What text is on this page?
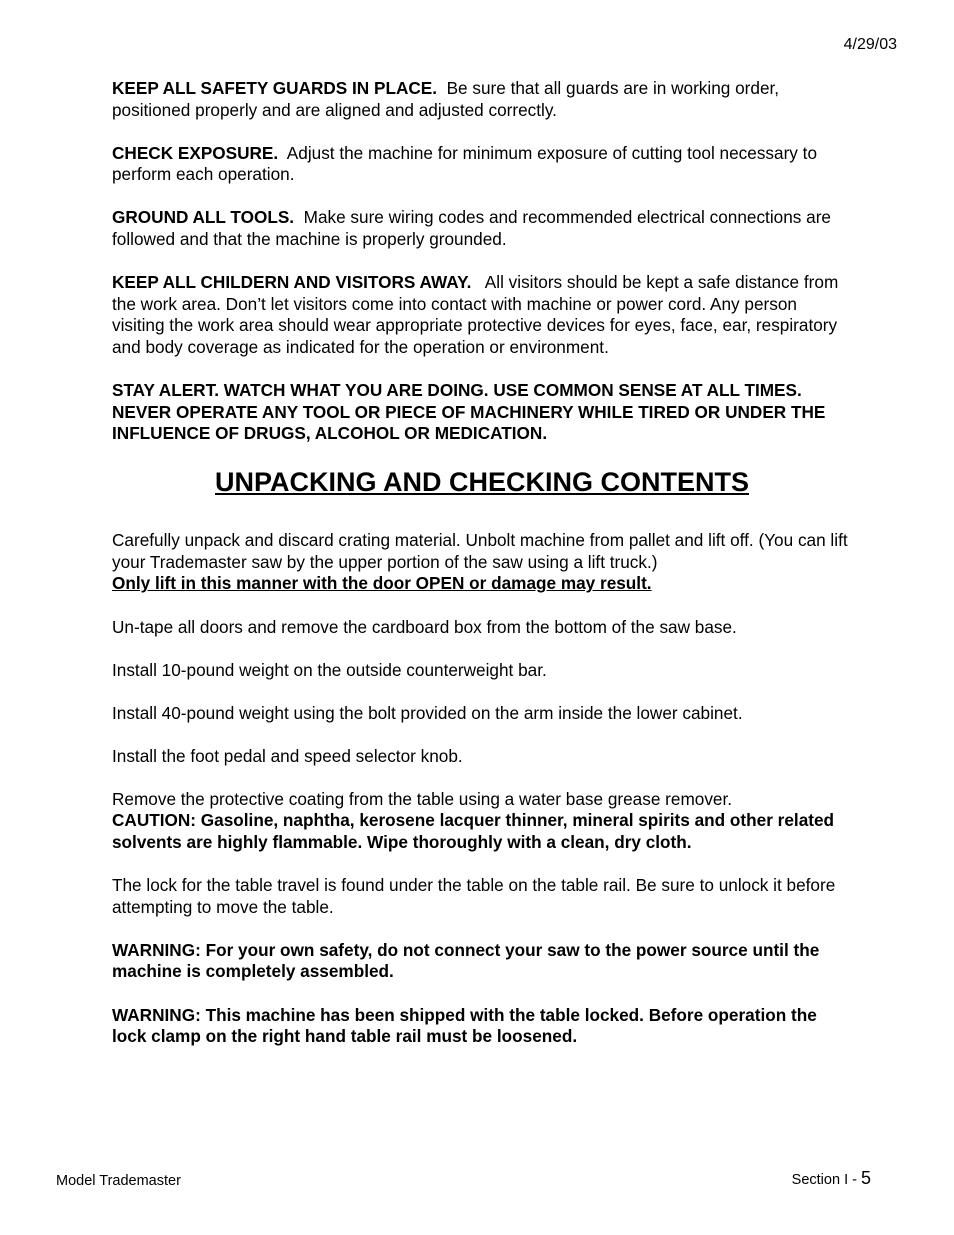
4/29/03

KEEP ALL SAFETY GUARDS IN PLACE. Be sure that all guards are in working order, positioned properly and are aligned and adjusted correctly.

CHECK EXPOSURE. Adjust the machine for minimum exposure of cutting tool necessary to perform each operation.

GROUND ALL TOOLS. Make sure wiring codes and recommended electrical connections are followed and that the machine is properly grounded.

KEEP ALL CHILDERN AND VISITORS AWAY. All visitors should be kept a safe distance from the work area. Don’t let visitors come into contact with machine or power cord. Any person visiting the work area should wear appropriate protective devices for eyes, face, ear, respiratory and body coverage as indicated for the operation or environment.

STAY ALERT. WATCH WHAT YOU ARE DOING. USE COMMON SENSE AT ALL TIMES. NEVER OPERATE ANY TOOL OR PIECE OF MACHINERY WHILE TIRED OR UNDER THE INFLUENCE OF DRUGS, ALCOHOL OR MEDICATION.

UNPACKING AND CHECKING CONTENTS

Carefully unpack and discard crating material. Unbolt machine from pallet and lift off. (You can lift your Trademaster saw by the upper portion of the saw using a lift truck.)
Only lift in this manner with the door OPEN or damage may result.

Un-tape all doors and remove the cardboard box from the bottom of the saw base.

Install 10-pound weight on the outside counterweight bar.

Install 40-pound weight using the bolt provided on the arm inside the lower cabinet.

Install the foot pedal and speed selector knob.

Remove the protective coating from the table using a water base grease remover.
CAUTION: Gasoline, naphtha, kerosene lacquer thinner, mineral spirits and other related solvents are highly flammable. Wipe thoroughly with a clean, dry cloth.

The lock for the table travel is found under the table on the table rail. Be sure to unlock it before attempting to move the table.

WARNING: For your own safety, do not connect your saw to the power source until the machine is completely assembled.

WARNING: This machine has been shipped with the table locked. Before operation the lock clamp on the right hand table rail must be loosened.

Model Trademaster	Section I - 5
